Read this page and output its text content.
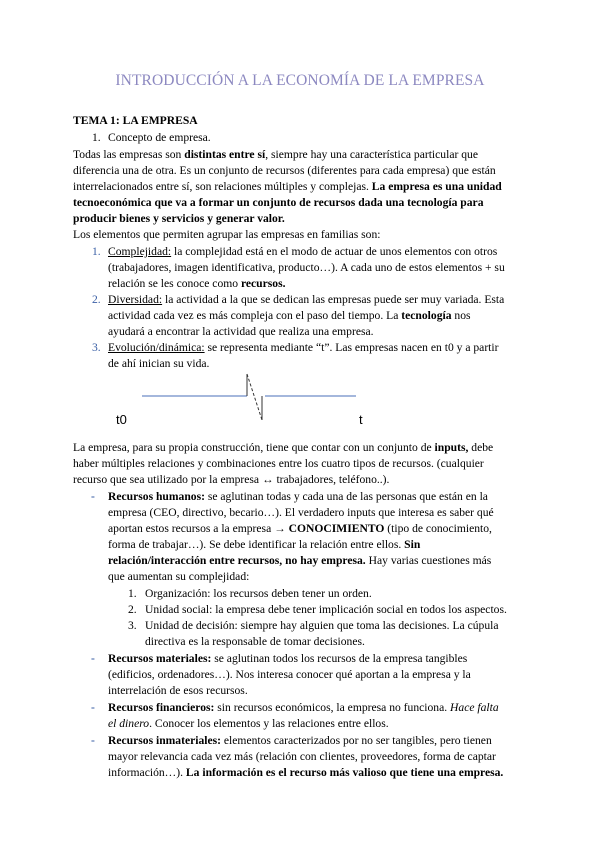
INTRODUCCIÓN A LA ECONOMÍA DE LA EMPRESA
TEMA 1: LA EMPRESA
1. Concepto de empresa.
Todas las empresas son distintas entre sí, siempre hay una característica particular que
diferencia una de otra. Es un conjunto de recursos (diferentes para cada empresa) que están
interrelacionados entre sí, son relaciones múltiples y complejas. La empresa es una unidad
tecnoeconómica que va a formar un conjunto de recursos dada una tecnología para
producir bienes y servicios y generar valor.
Los elementos que permiten agrupar las empresas en familias son:
1. Complejidad: la complejidad está en el modo de actuar de unos elementos con otros
(trabajadores, imagen identificativa, producto…). A cada uno de estos elementos + su
relación se les conoce como recursos.
2. Diversidad: la actividad a la que se dedican las empresas puede ser muy variada. Esta
actividad cada vez es más compleja con el paso del tiempo. La tecnología nos
ayudará a encontrar la actividad que realiza una empresa.
3. Evolución/dinámica: se representa mediante “t”. Las empresas nacen en t0 y a partir
de ahí inician su vida.
t0	t
La empresa, para su propia construcción, tiene que contar con un conjunto de inputs, debe
haber múltiples relaciones y combinaciones entre los cuatro tipos de recursos. (cualquier
recurso que sea utilizado por la empresa ↔ trabajadores, teléfono..).
- Recursos humanos: se aglutinan todas y cada una de las personas que están en la
empresa (CEO, directivo, becario…). El verdadero inputs que interesa es saber qué
aportan estos recursos a la empresa → CONOCIMIENTO (tipo de conocimiento,
forma de trabajar…). Se debe identificar la relación entre ellos. Sin
relación/interacción entre recursos, no hay empresa. Hay varias cuestiones más
que aumentan su complejidad:
1. Organización: los recursos deben tener un orden.
2. Unidad social: la empresa debe tener implicación social en todos los aspectos.
3. Unidad de decisión: siempre hay alguien que toma las decisiones. La cúpula
directiva es la responsable de tomar decisiones.
- Recursos materiales: se aglutinan todos los recursos de la empresa tangibles
(edificios, ordenadores…). Nos interesa conocer qué aportan a la empresa y la
interrelación de esos recursos.
- Recursos financieros: sin recursos económicos, la empresa no funciona. Hace falta
el dinero. Conocer los elementos y las relaciones entre ellos.
- Recursos inmateriales: elementos caracterizados por no ser tangibles, pero tienen
mayor relevancia cada vez más (relación con clientes, proveedores, forma de captar
información…). La información es el recurso más valioso que tiene una empresa.
